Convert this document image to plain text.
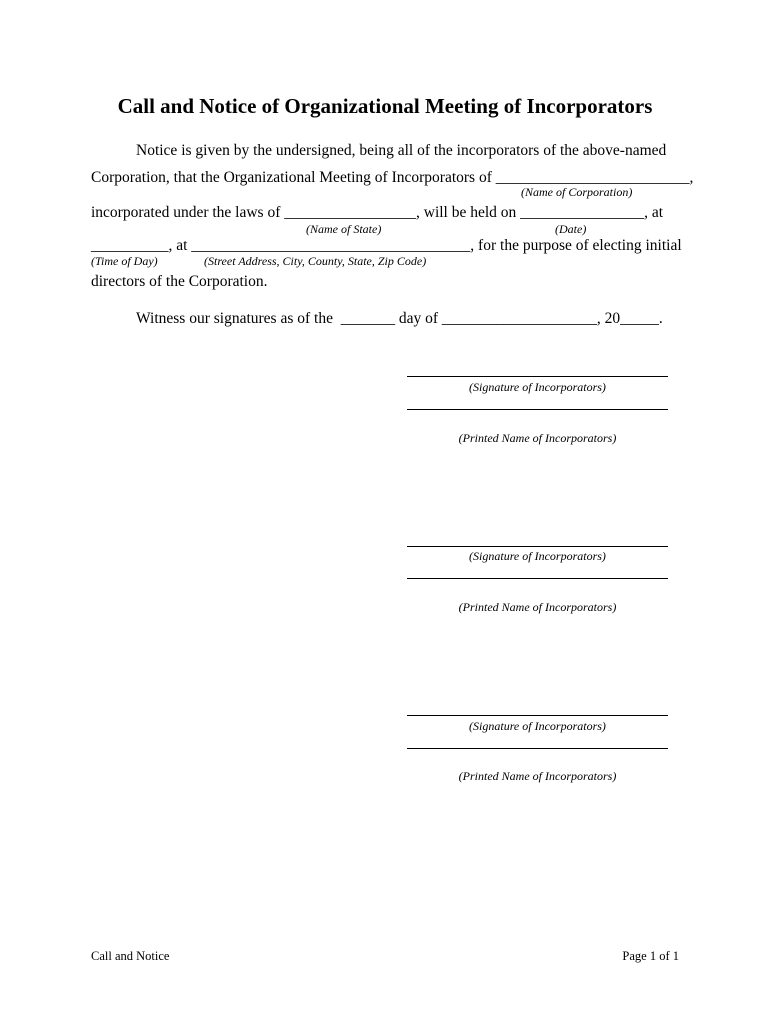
Call and Notice of Organizational Meeting of Incorporators
Notice is given by the undersigned, being all of the incorporators of the above-named
Corporation, that the Organizational Meeting of Incorporators of _________________________,
(Name of Corporation)
incorporated under the laws of _________________, will be held on ________________, at
(Name of State)	(Date)
__________, at ____________________________________, for the purpose of electing initial
(Time of Day)	(Street Address, City, County, State, Zip Code)
directors of the Corporation.
Witness our signatures as of the  _______ day of ____________________, 20_____.
(Signature of Incorporators)
(Printed Name of Incorporators)
(Signature of Incorporators)
(Printed Name of Incorporators)
(Signature of Incorporators)
(Printed Name of Incorporators)
Call and Notice	Page 1 of 1
